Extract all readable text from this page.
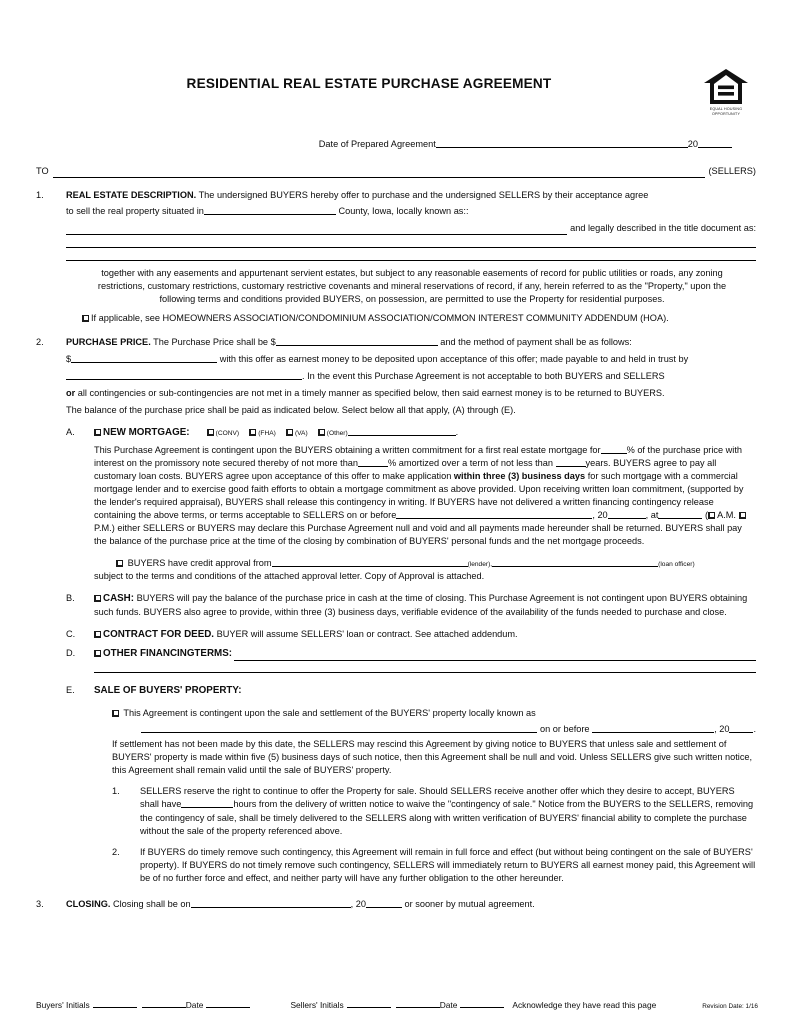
RESIDENTIAL REAL ESTATE PURCHASE AGREEMENT
EQUAL HOUSING
OPPORTUNITY
Date of Prepared Agreement	20
TO	(SELLERS)
1.	REAL ESTATE DESCRIPTION. The undersigned BUYERS hereby offer to purchase and the undersigned SELLERS by their acceptance agree
to sell the real property situated in	County, Iowa, locally known as::
and legally described in the title document as:
together with any easements and appurtenant servient estates, but subject to any reasonable easements of record for public utilities or roads, any zoning restrictions, customary restrictions, customary restrictive covenants and mineral reservations of record, if any, herein referred to as the "Property," upon the following terms and conditions provided BUYERS, on possession, are permitted to use the Property for residential purposes.
If applicable, see HOMEOWNERS ASSOCIATION/CONDOMINIUM ASSOCIATION/COMMON INTEREST COMMUNITY ADDENDUM (HOA).
2.	PURCHASE PRICE. The Purchase Price shall be $	and the method of payment shall be as follows:
$	with this offer as earnest money to be deposited upon acceptance of this offer; made payable to and held in trust by
. In the event this Purchase Agreement is not acceptable to both BUYERS and SELLERS
or all contingencies or sub-contingencies are not met in a timely manner as specified below, then said earnest money is to be returned to BUYERS.
The balance of the purchase price shall be paid as indicated below. Select below all that apply, (A) through (E).
A.	NEW MORTGAGE:	(CONV)	(FHA)	(VA)	(Other)	.
This Purchase Agreement is contingent upon the BUYERS obtaining a written commitment for a first real estate mortgage for	% of the purchase price with interest on the promissory note secured thereby of not more than	% amortized over a term of not less than	years. BUYERS agree to pay all customary loan costs. BUYERS agree upon acceptance of this offer to make application within three (3) business days for such mortgage with a commercial mortgage lender and to exercise good faith efforts to obtain a mortgage commitment as above provided. Upon receiving written loan commitment, (supported by the lender's required appraisal), BUYERS shall release this contingency in writing. If BUYERS have not delivered a written financing contingency release containing the above terms, or terms acceptable to SELLERS on or before	, 20	, at	( A.M. P.M.) either SELLERS or BUYERS may declare this Purchase Agreement null and void and all payments made hereunder shall be returned. BUYERS shall pay the balance of the purchase price at the time of the closing by combination of BUYERS' personal funds and the net mortgage proceeds.
BUYERS have credit approval from	(lender),	(loan officer)
subject to the terms and conditions of the attached approval letter. Copy of Approval is attached.
B.	CASH: BUYERS will pay the balance of the purchase price in cash at the time of closing. This Purchase Agreement is not contingent upon BUYERS obtaining such funds. BUYERS also agree to provide, within three (3) business days, verifiable evidence of the availability of the funds needed to purchase and close.
C.	CONTRACT FOR DEED. BUYER will assume SELLERS' loan or contract. See attached addendum.
D.	OTHER FINANCINGTERMS:
E.	SALE OF BUYERS' PROPERTY:
This Agreement is contingent upon the sale and settlement of the BUYERS' property locally known as
on or before	, 20	.
If settlement has not been made by this date, the SELLERS may rescind this Agreement by giving notice to BUYERS that unless sale and settlement of BUYERS' property is made within five (5) business days of such notice, then this Agreement shall be null and void. Unless SELLERS give such written notice, this Agreement shall remain valid until the sale of BUYERS' property.
1.	SELLERS reserve the right to continue to offer the Property for sale. Should SELLERS receive another offer which they desire to accept, BUYERS shall have	hours from the delivery of written notice to waive the "contingency of sale." Notice from the BUYERS to the SELLERS, removing the contingency of sale, shall be timely delivered to the SELLERS along with written verification of BUYERS' financial ability to complete the purchase without the sale of the property referenced above.
2.	If BUYERS do timely remove such contingency, this Agreement will remain in full force and effect (but without being contingent on the sale of BUYERS' property). If BUYERS do not timely remove such contingency, SELLERS will immediately return to BUYERS all earnest money paid, this Agreement will be of no further force and effect, and neither party will have any further obligation to the other hereunder.
3.	CLOSING. Closing shall be on	, 20	or sooner by mutual agreement.
Buyers' Initials	Date	Sellers' Initials	Date	Acknowledge they have read this page	Revision Date: 1/16
